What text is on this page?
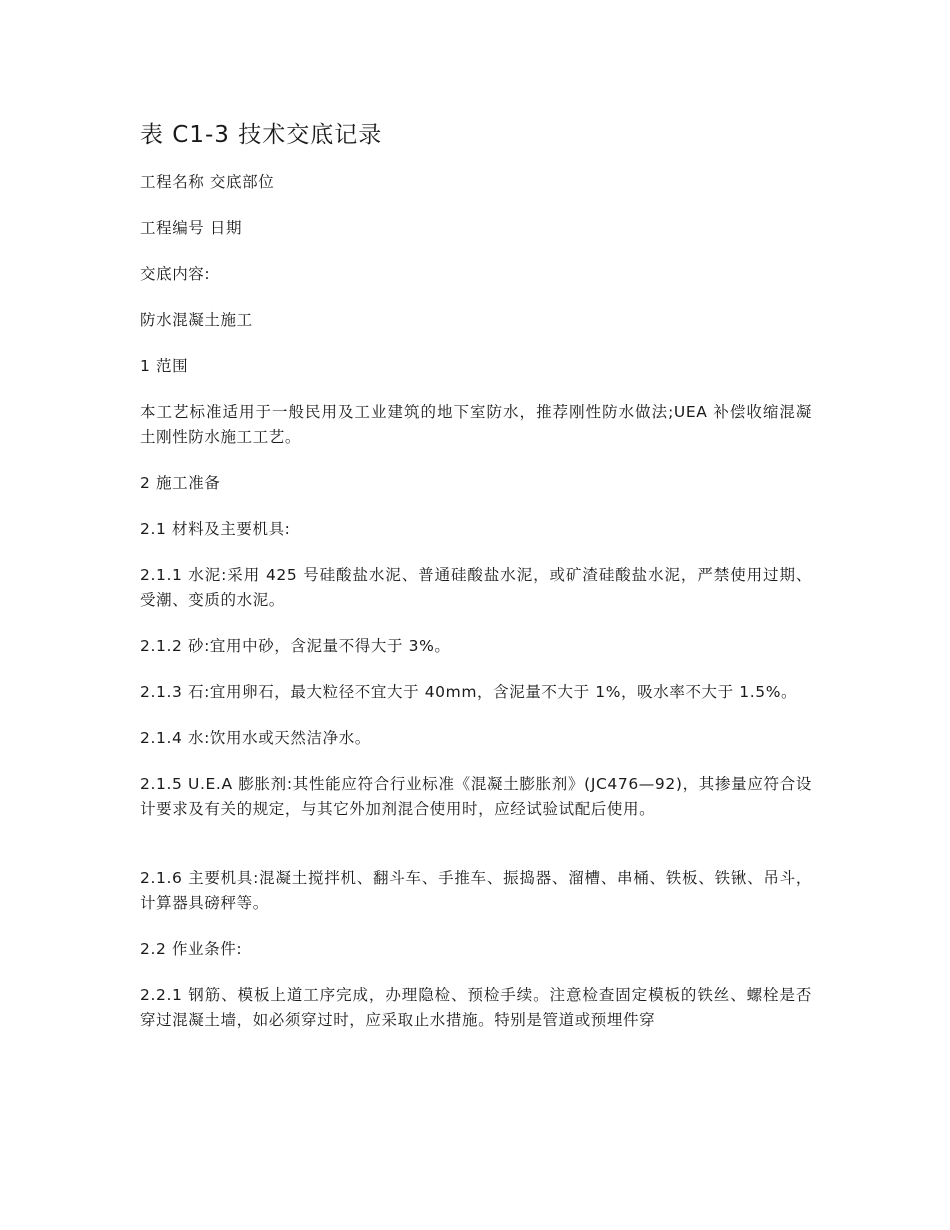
表 C1-3 技术交底记录

工程名称 交底部位

工程编号 日期

交底内容:

防水混凝土施工

1 范围

本工艺标准适用于一般民用及工业建筑的地下室防水，推荐刚性防水做法;UEA 补偿收缩混凝土刚性防水施工工艺。

2 施工准备

2.1 材料及主要机具:

2.1.1 水泥:采用 425 号硅酸盐水泥、普通硅酸盐水泥，或矿渣硅酸盐水泥，严禁使用过期、受潮、变质的水泥。

2.1.2 砂:宜用中砂，含泥量不得大于 3%。

2.1.3 石:宜用卵石，最大粒径不宜大于 40mm，含泥量不大于 1%，吸水率不大于 1.5%。

2.1.4 水:饮用水或天然洁净水。

2.1.5 U.E.A 膨胀剂:其性能应符合行业标准《混凝土膨胀剂》(JC476—92)，其掺量应符合设计要求及有关的规定，与其它外加剂混合使用时，应经试验试配后使用。

2.1.6 主要机具:混凝土搅拌机、翻斗车、手推车、振捣器、溜槽、串桶、铁板、铁锹、吊斗，计算器具磅秤等。

2.2 作业条件:

2.2.1 钢筋、模板上道工序完成，办理隐检、预检手续。注意检查固定模板的铁丝、螺栓是否穿过混凝土墙，如必须穿过时，应采取止水措施。特别是管道或预埋件穿
